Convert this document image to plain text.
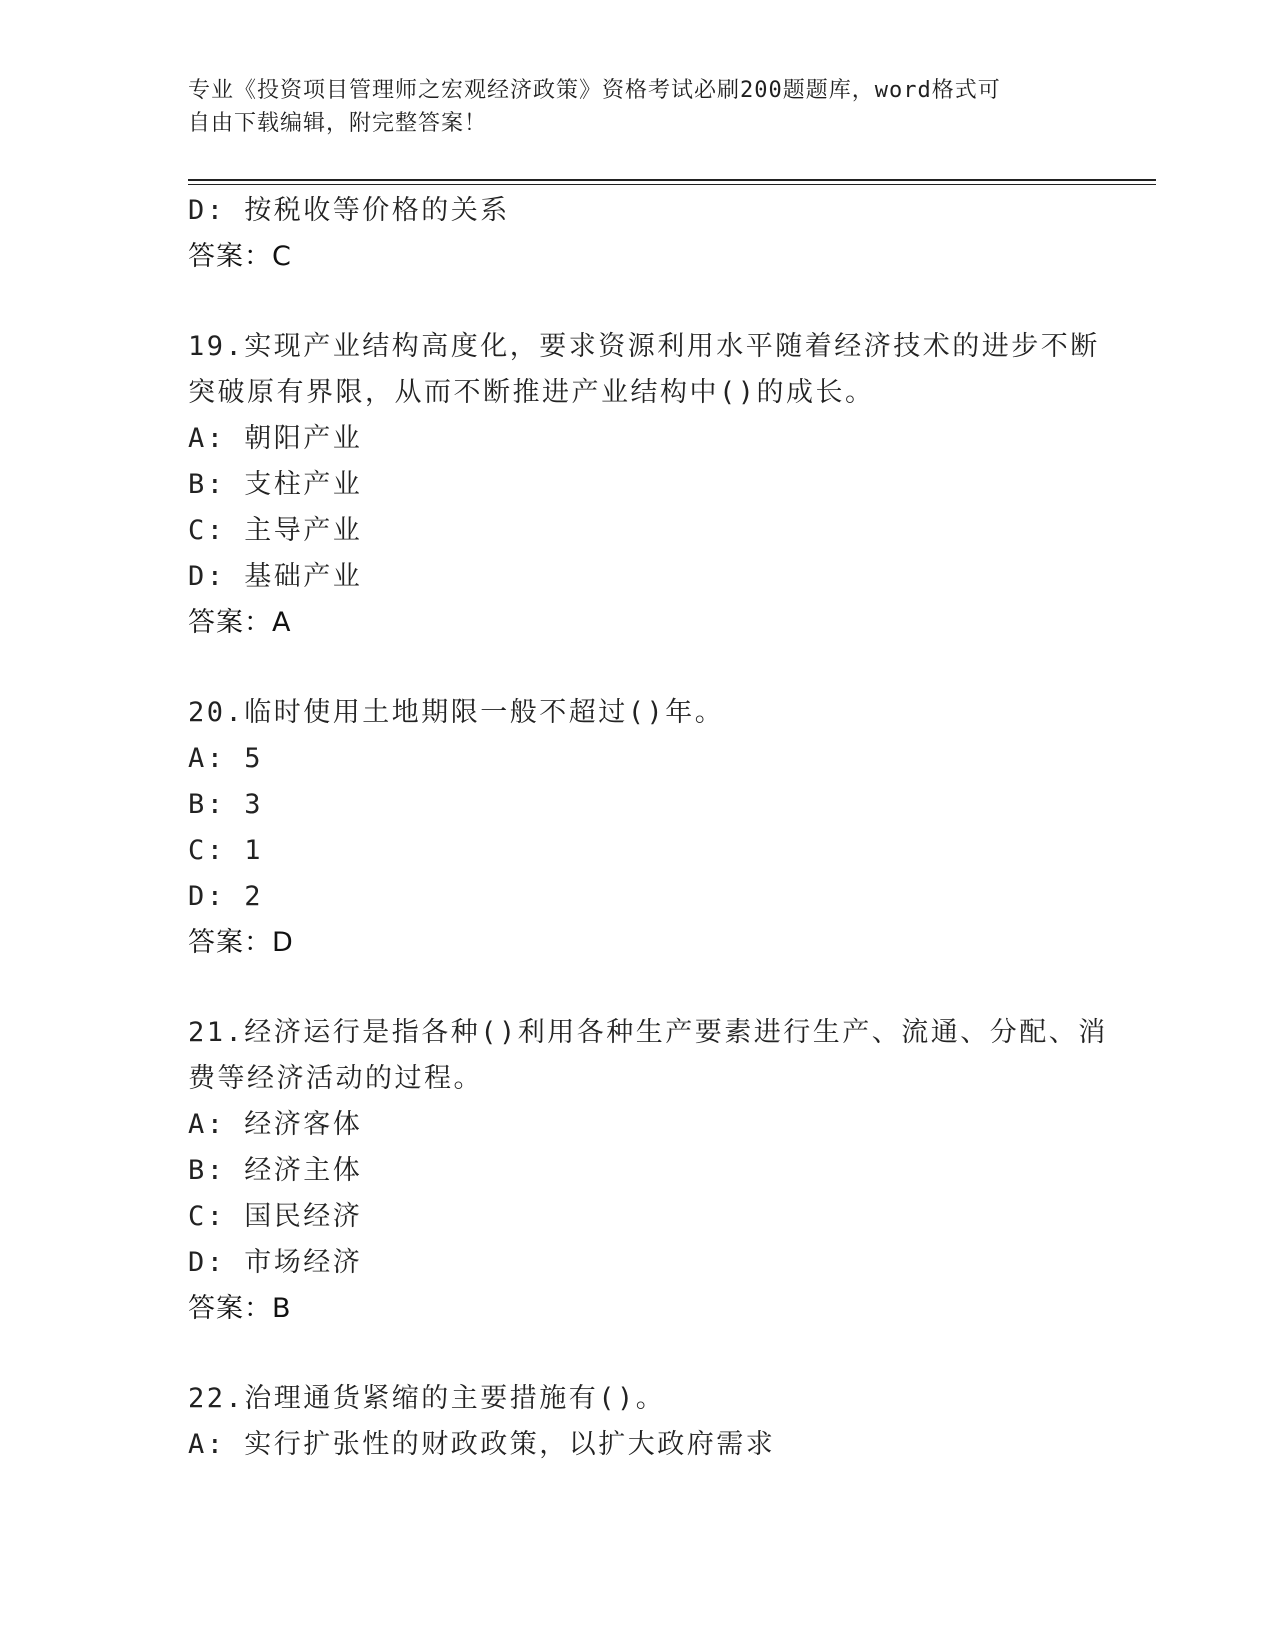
专业《投资项目管理师之宏观经济政策》资格考试必刷200题题库，word格式可
自由下载编辑，附完整答案！
D: 按税收等价格的关系
答案：C
19.实现产业结构高度化，要求资源利用水平随着经济技术的进步不断
突破原有界限，从而不断推进产业结构中()的成长。
A: 朝阳产业
B: 支柱产业
C: 主导产业
D: 基础产业
答案：A
20.临时使用土地期限一般不超过()年。
A: 5
B: 3
C: 1
D: 2
答案：D
21.经济运行是指各种()利用各种生产要素进行生产、流通、分配、消
费等经济活动的过程。
A: 经济客体
B: 经济主体
C: 国民经济
D: 市场经济
答案：B
22.治理通货紧缩的主要措施有()。
A: 实行扩张性的财政政策，以扩大政府需求
